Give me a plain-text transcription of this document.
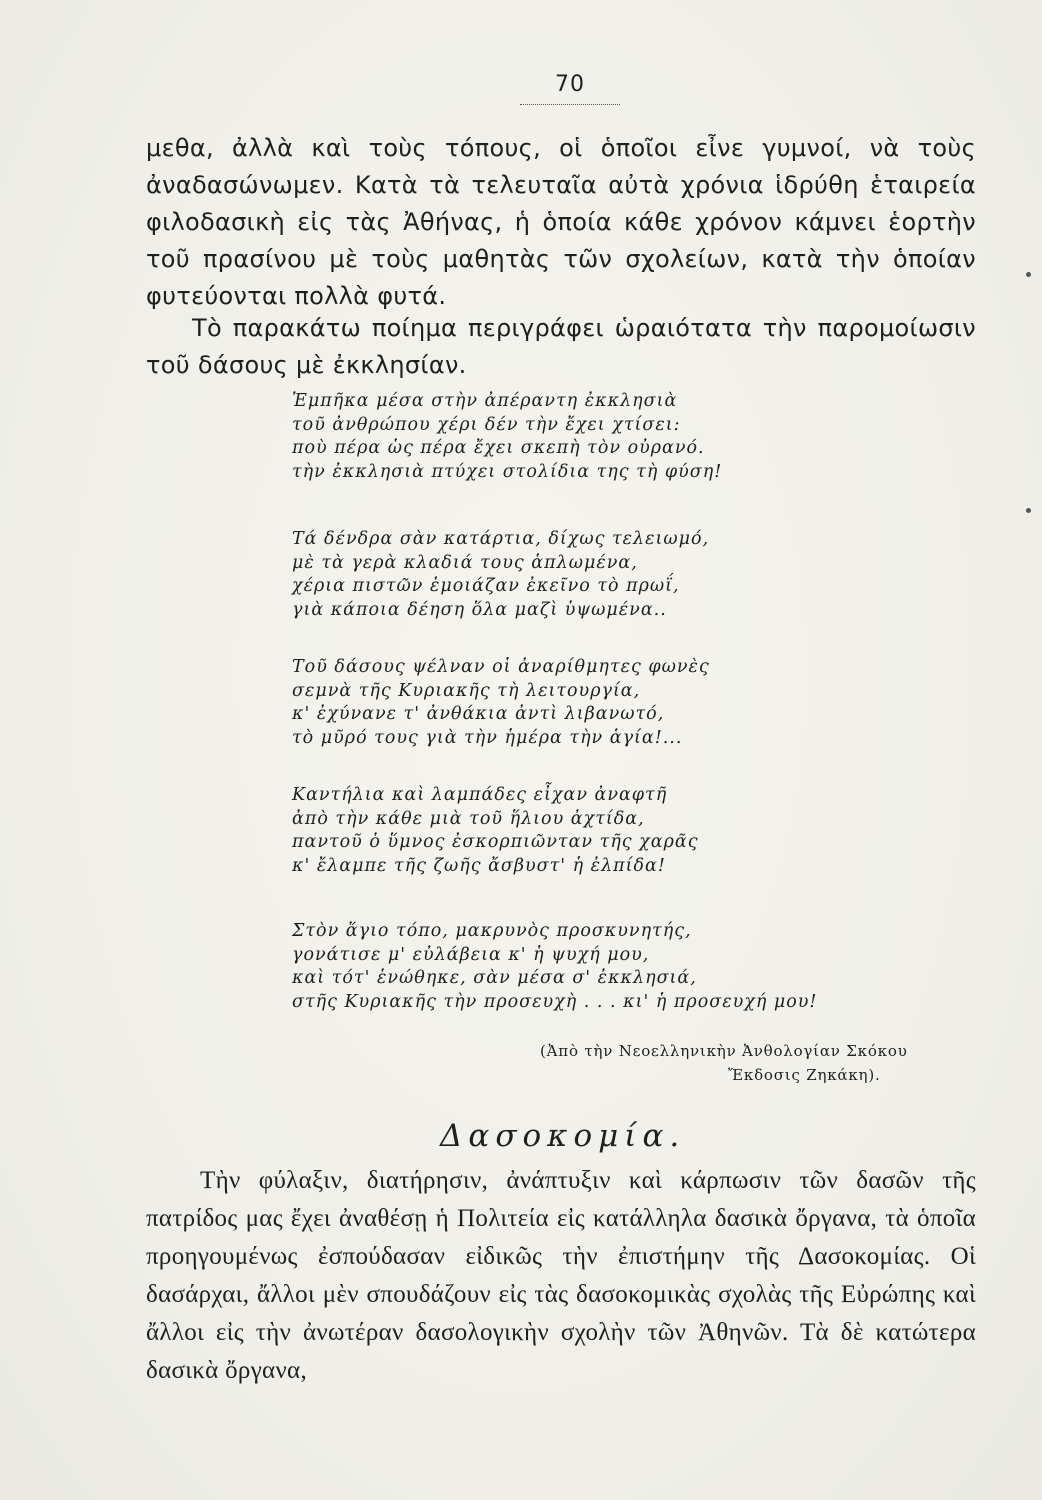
70

μεθα, ἀλλὰ καὶ τοὺς τόπους, οἱ ὁποῖοι εἶνε γυμνοί, νὰ τοὺς ἀναδασώνωμεν. Κατὰ τὰ τελευταῖα αὐτὰ χρόνια ἱδρύθη ἑταιρεία φιλοδασικὴ εἰς τὰς Ἀθήνας, ἡ ὁποία κάθε χρόνον κάμνει ἑορτὴν τοῦ πρασίνου μὲ τοὺς μαθητὰς τῶν σχολείων, κατὰ τὴν ὁποίαν φυτεύονται πολλὰ φυτά.

Τὸ παρακάτω ποίημα περιγράφει ὡραιότατα τὴν παρομοίωσιν τοῦ δάσους μὲ ἐκκλησίαν.

Ἐμπῆκα μέσα στὴν ἀπέραντη ἐκκλησιὰ
τοῦ ἀνθρώπου χέρι δέν τὴν ἔχει χτίσει:
ποὺ πέρα ὡς πέρα ἔχει σκεπὴ τὸν οὐρανό.
τὴν ἐκκλησιὰ πτύχει στολίδια της τὴ φύση!
Τά δένδρα σὰν κατάρτια, δίχως τελειωμό,
μὲ τὰ γερὰ κλαδιά τους ἁπλωμένα,
χέρια πιστῶν ἐμοιάζαν ἐκεῖνο τὸ πρωΐ,
γιὰ κάποια δέηση ὅλα μαζὶ ὑψωμένα..
Τοῦ δάσους ψέλναν οἱ ἀναρίθμητες φωνὲς
σεμνὰ τῆς Κυριακῆς τὴ λειτουργία,
κ' ἐχύνανε τ' ἀνθάκια ἀντὶ λιβανωτό,
τὸ μῦρό τους γιὰ τὴν ἡμέρα τὴν ἁγία!...
Καντήλια καὶ λαμπάδες εἶχαν ἀναφτῆ
ἀπὸ τὴν κάθε μιὰ τοῦ ἥλιου ἀχτίδα,
παντοῦ ὁ ὕμνος ἐσκορπιῶνταν τῆς χαρᾶς
κ' ἔλαμπε τῆς ζωῆς ἄσβυστ' ἡ ἐλπίδα!
Στὸν ἅγιο τόπο, μακρυνὸς προσκυνητής,
γονάτισε μ' εὐλάβεια κ' ἡ ψυχή μου,
καὶ τότ' ἑνώθηκε, σὰν μέσα σ' ἐκκλησιά,
στῆς Κυριακῆς τὴν προσευχὴ . . . κι' ἡ προσευχή μου!
(Ἀπὸ τὴν Νεοελληνικὴν Ἀνθολογίαν Σκόκου
Ἔκδοσις Ζηκάκη).
Δασοκομία.

Τὴν φύλαξιν, διατήρησιν, ἀνάπτυξιν καὶ κάρπωσιν τῶν δασῶν τῆς πατρίδος μας ἔχει ἀναθέσῃ ἡ Πολιτεία εἰς κατάλληλα δασικὰ ὄργανα, τὰ ὁποῖα προηγουμένως ἐσπούδασαν εἰδικῶς τὴν ἐπιστήμην τῆς Δασοκομίας. Οἱ δασάρχαι, ἄλλοι μὲν σπουδάζουν εἰς τὰς δασοκομικὰς σχολὰς τῆς Εὐρώπης καὶ ἄλλοι εἰς τὴν ἀνωτέραν δασολογικὴν σχολὴν τῶν Ἀθηνῶν. Τὰ δὲ κατώτερα δασικὰ ὄργανα,
